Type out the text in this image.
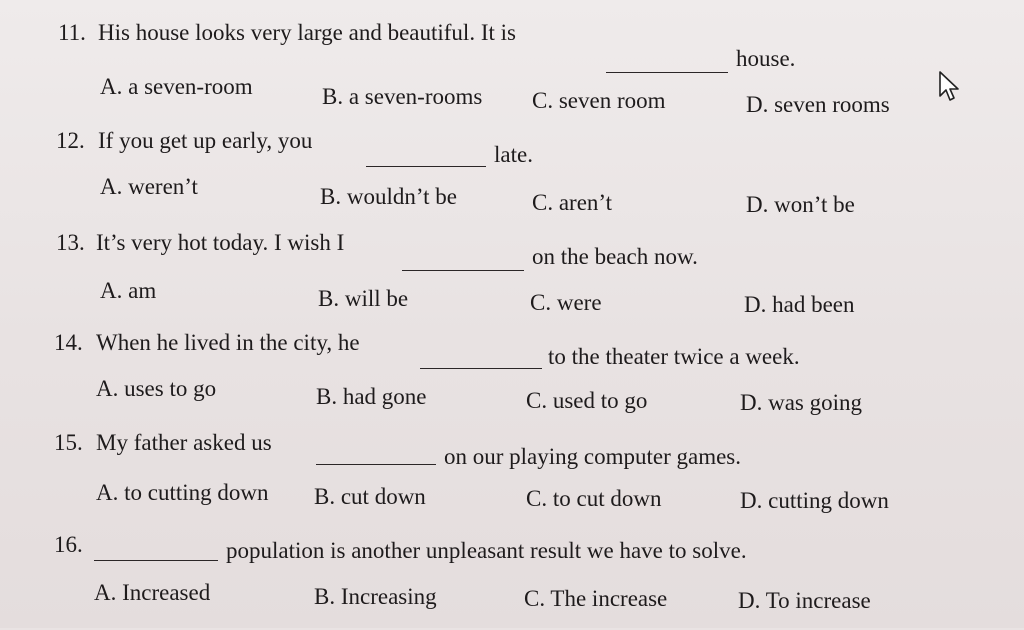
11. His house looks very large and beautiful. It is
house.
A. a seven-room	B. a seven-rooms C. seven room	D. seven rooms
12. If you get up early, you
late.
A. weren’t	B. wouldn’t be	C. aren’t	D. won’t be
13. It’s very hot today. I wish I
on the beach now.
A. am	B. will be	C. were	D. had been
14. When he lived in the city, he
to the theater twice a week.
A. uses to go	B. had gone	C. used to go	D. was going
15. My father asked us
on our playing computer games.
A. to cutting down B. cut down	C. to cut down	D. cutting down
16.	population is another unpleasant result we have to solve.
A. Increased	B. Increasing	C. The increase	D. To increase
